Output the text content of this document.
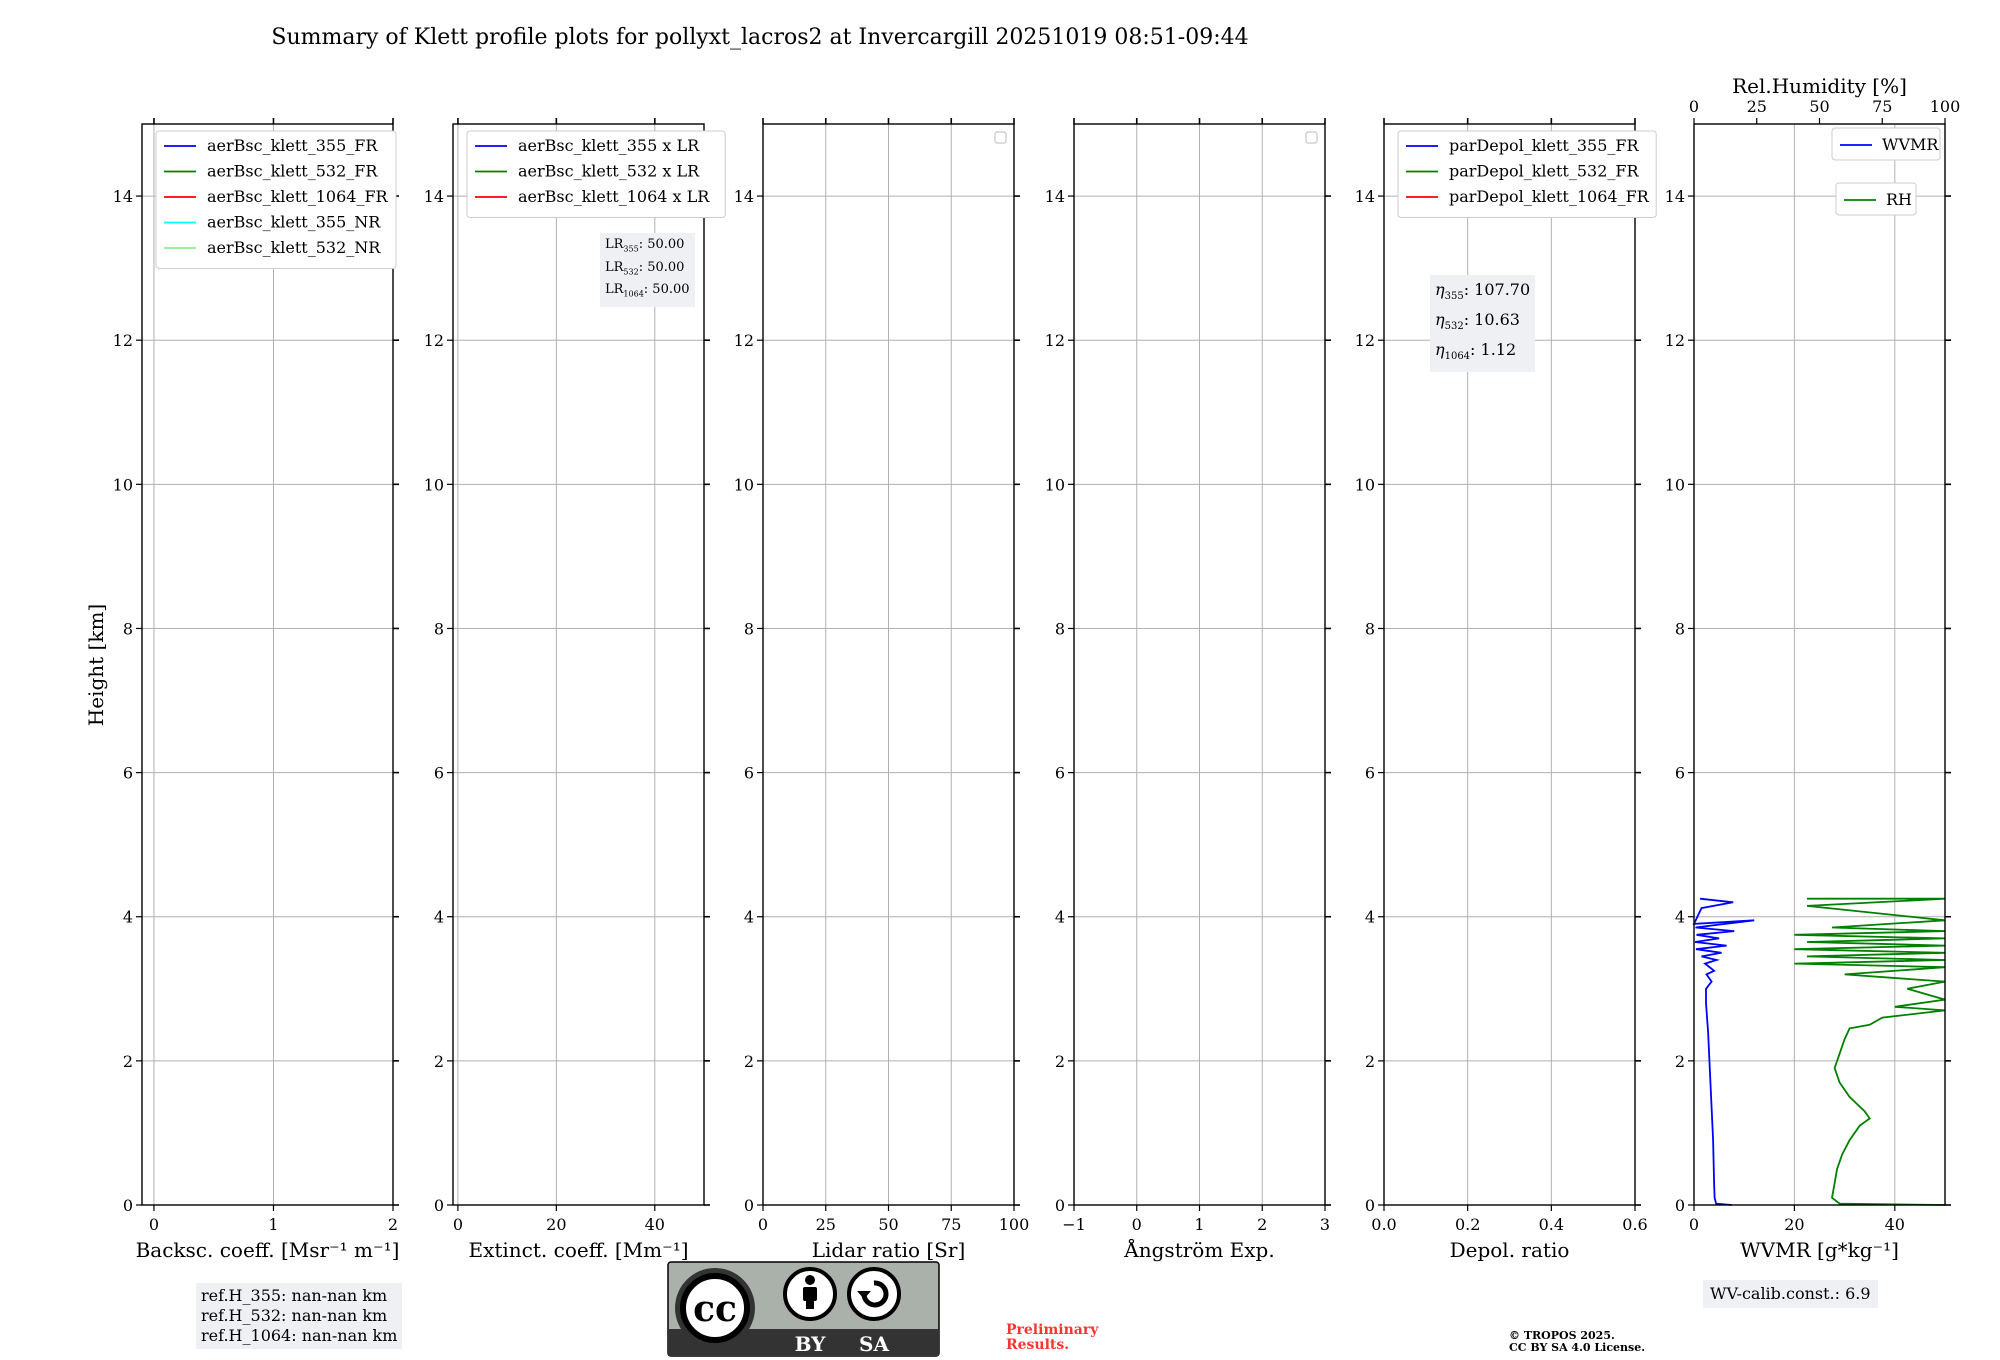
Summary of Klett profile plots for pollyxt_lacros2 at Invercargill 20251019 08:51-09:44
0	1	2
0
2
4
6
8
10
12
14
Backsc. coeff. [Msr⁻¹ m⁻¹]
aerBsc_klett_355_FR
aerBsc_klett_532_FR
aerBsc_klett_1064_FR
aerBsc_klett_355_NR
aerBsc_klett_532_NR
0	20	40
0
2
4
6
8
10
12
14
Extinct. coeff. [Mm⁻¹]
aerBsc_klett_355 x LR
aerBsc_klett_532 x LR
aerBsc_klett_1064 x LR
0	25	50	75 100
0
2
4
6
8
10
12
14
Lidar ratio [Sr]
−1	0	1	2	3
0
2
4
6
8
10
12
14
Ångström Exp.
0.0	0.2	0.4	0.6
0
2
4
6
8
10
12
14
Depol. ratio
parDepol_klett_355_FR
parDepol_klett_532_FR
parDepol_klett_1064_FR
0	20	40
0
2
4
6
8
10
12
14
0	25	50	75 100
Rel.Humidity [%]
WVMR [g*kg⁻¹]
WVMR
RH
Height [km]
cc
BY SA
Preliminary
Results.
© TROPOS 2025.
CC BY SA 4.0 License.
$LR_{355}$: 50.00
$LR_{532}$: 50.00
$LR_{1064}$: 50.00	$\eta_{355}$: 107.70
$\eta_{532}$: 10.63
$\eta_{1064}$: 1.12
ref.H_355: nan-nan km
ref.H_532: nan-nan km
ref.H_1064: nan-nan km
WV-calib.const.: 6.9
